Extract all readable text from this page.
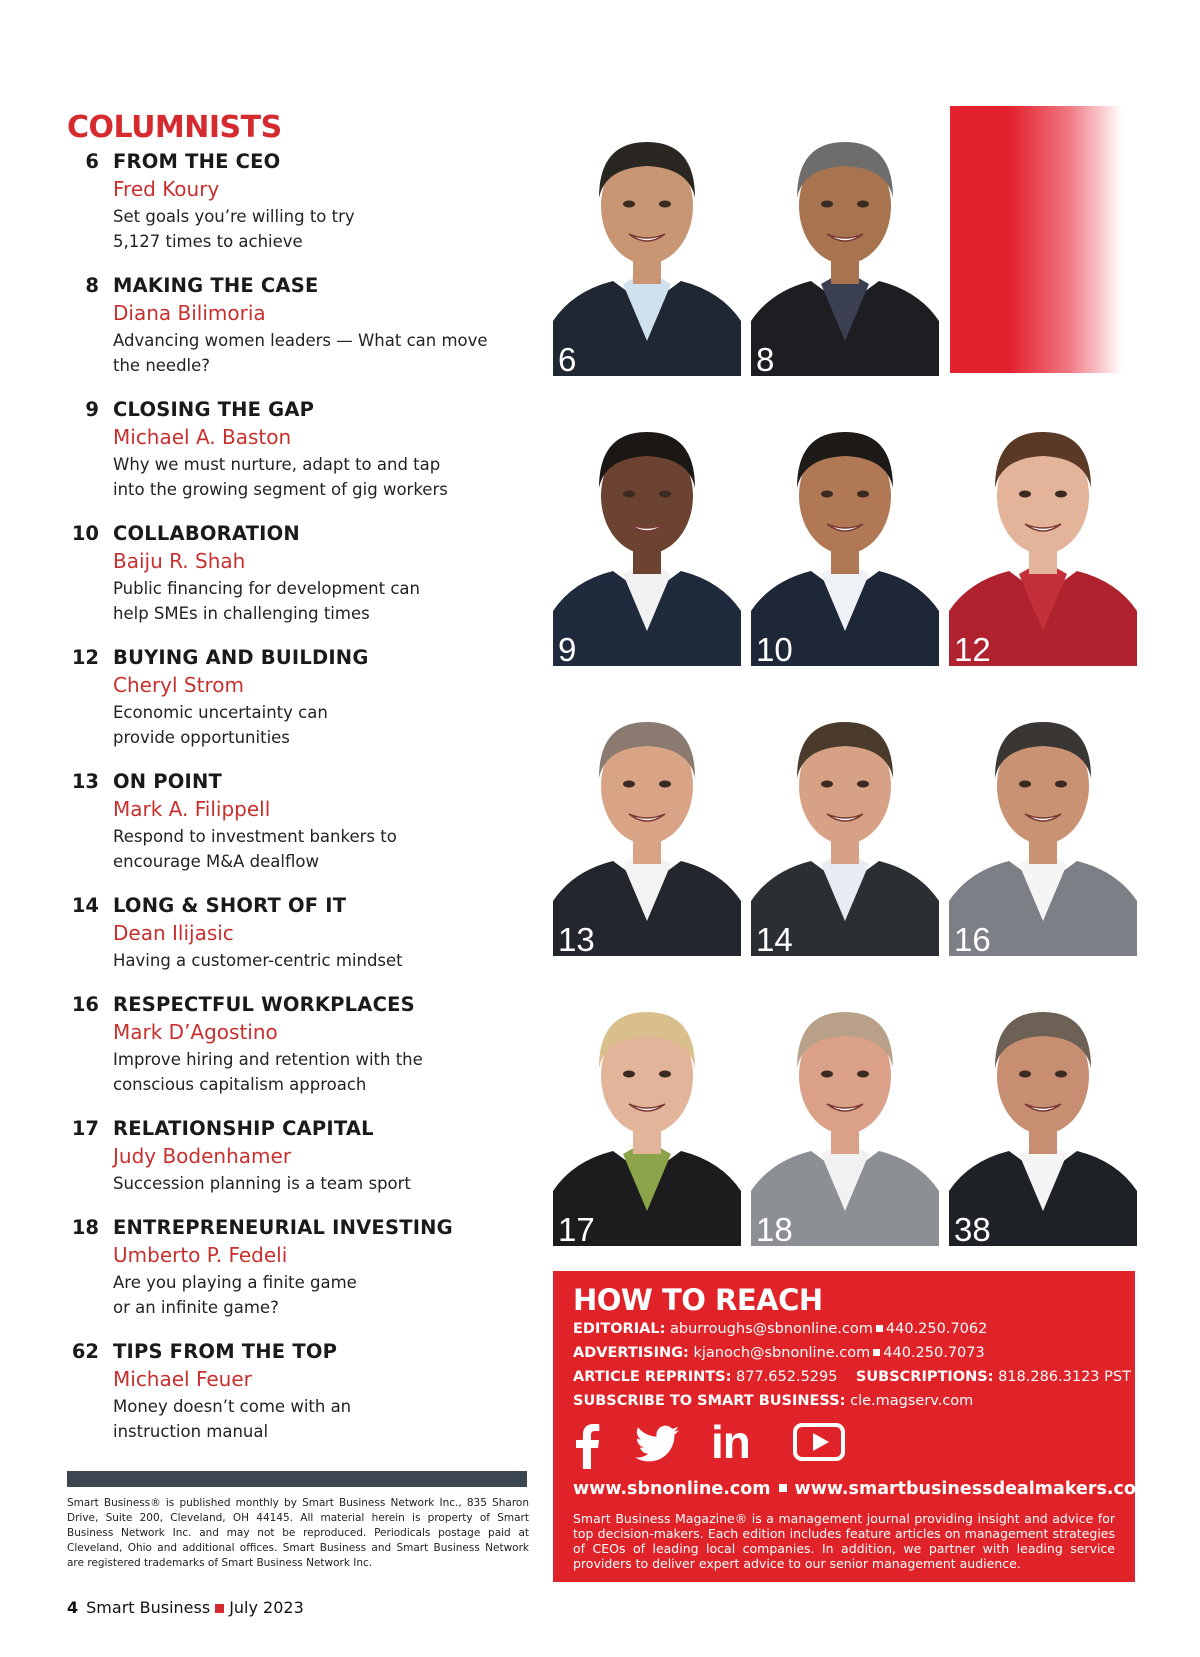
COLUMNISTS
6 FROM THE CEO
Fred Koury
Set goals you’re willing to try 5,127 times to achieve
8 MAKING THE CASE
Diana Bilimoria
Advancing women leaders — What can move the needle?
9 CLOSING THE GAP
Michael A. Baston
Why we must nurture, adapt to and tap into the growing segment of gig workers
10 COLLABORATION
Baiju R. Shah
Public financing for development can help SMEs in challenging times
12 BUYING AND BUILDING
Cheryl Strom
Economic uncertainty can provide opportunities
13 ON POINT
Mark A. Filippell
Respond to investment bankers to encourage M&A dealflow
14 LONG & SHORT OF IT
Dean Ilijasic
Having a customer-centric mindset
16 RESPECTFUL WORKPLACES
Mark D’Agostino
Improve hiring and retention with the conscious capitalism approach
17 RELATIONSHIP CAPITAL
Judy Bodenhamer
Succession planning is a team sport
18 ENTREPRENEURIAL INVESTING
Umberto P. Fedeli
Are you playing a finite game or an infinite game?
62 TIPS FROM THE TOP
Michael Feuer
Money doesn’t come with an instruction manual
Smart Business® is published monthly by Smart Business Network Inc., 835 Sharon Drive, Suite 200, Cleveland, OH 44145. All material herein is property of Smart Business Network Inc. and may not be reproduced. Periodicals postage paid at Cleveland, Ohio and additional offices. Smart Business and Smart Business Network are registered trademarks of Smart Business Network Inc.
4 Smart Business July 2023
6	8
9	10	12
13	14	16
17	18	38
HOW TO REACH
EDITORIAL: aburroughs@sbnonline.com 440.250.7062
ADVERTISING: kjanoch@sbnonline.com 440.250.7073
ARTICLE REPRINTS: 877.652.5295 SUBSCRIPTIONS: 818.286.3123 PST
SUBSCRIBE TO SMART BUSINESS: cle.magserv.com
in
www.sbnonline.com www.smartbusinessdealmakers.com
Smart Business Magazine® is a management journal providing insight and advice for top decision-makers. Each edition includes feature articles on management strategies of CEOs of leading local companies. In addition, we partner with leading service providers to deliver expert advice to our senior management audience.
